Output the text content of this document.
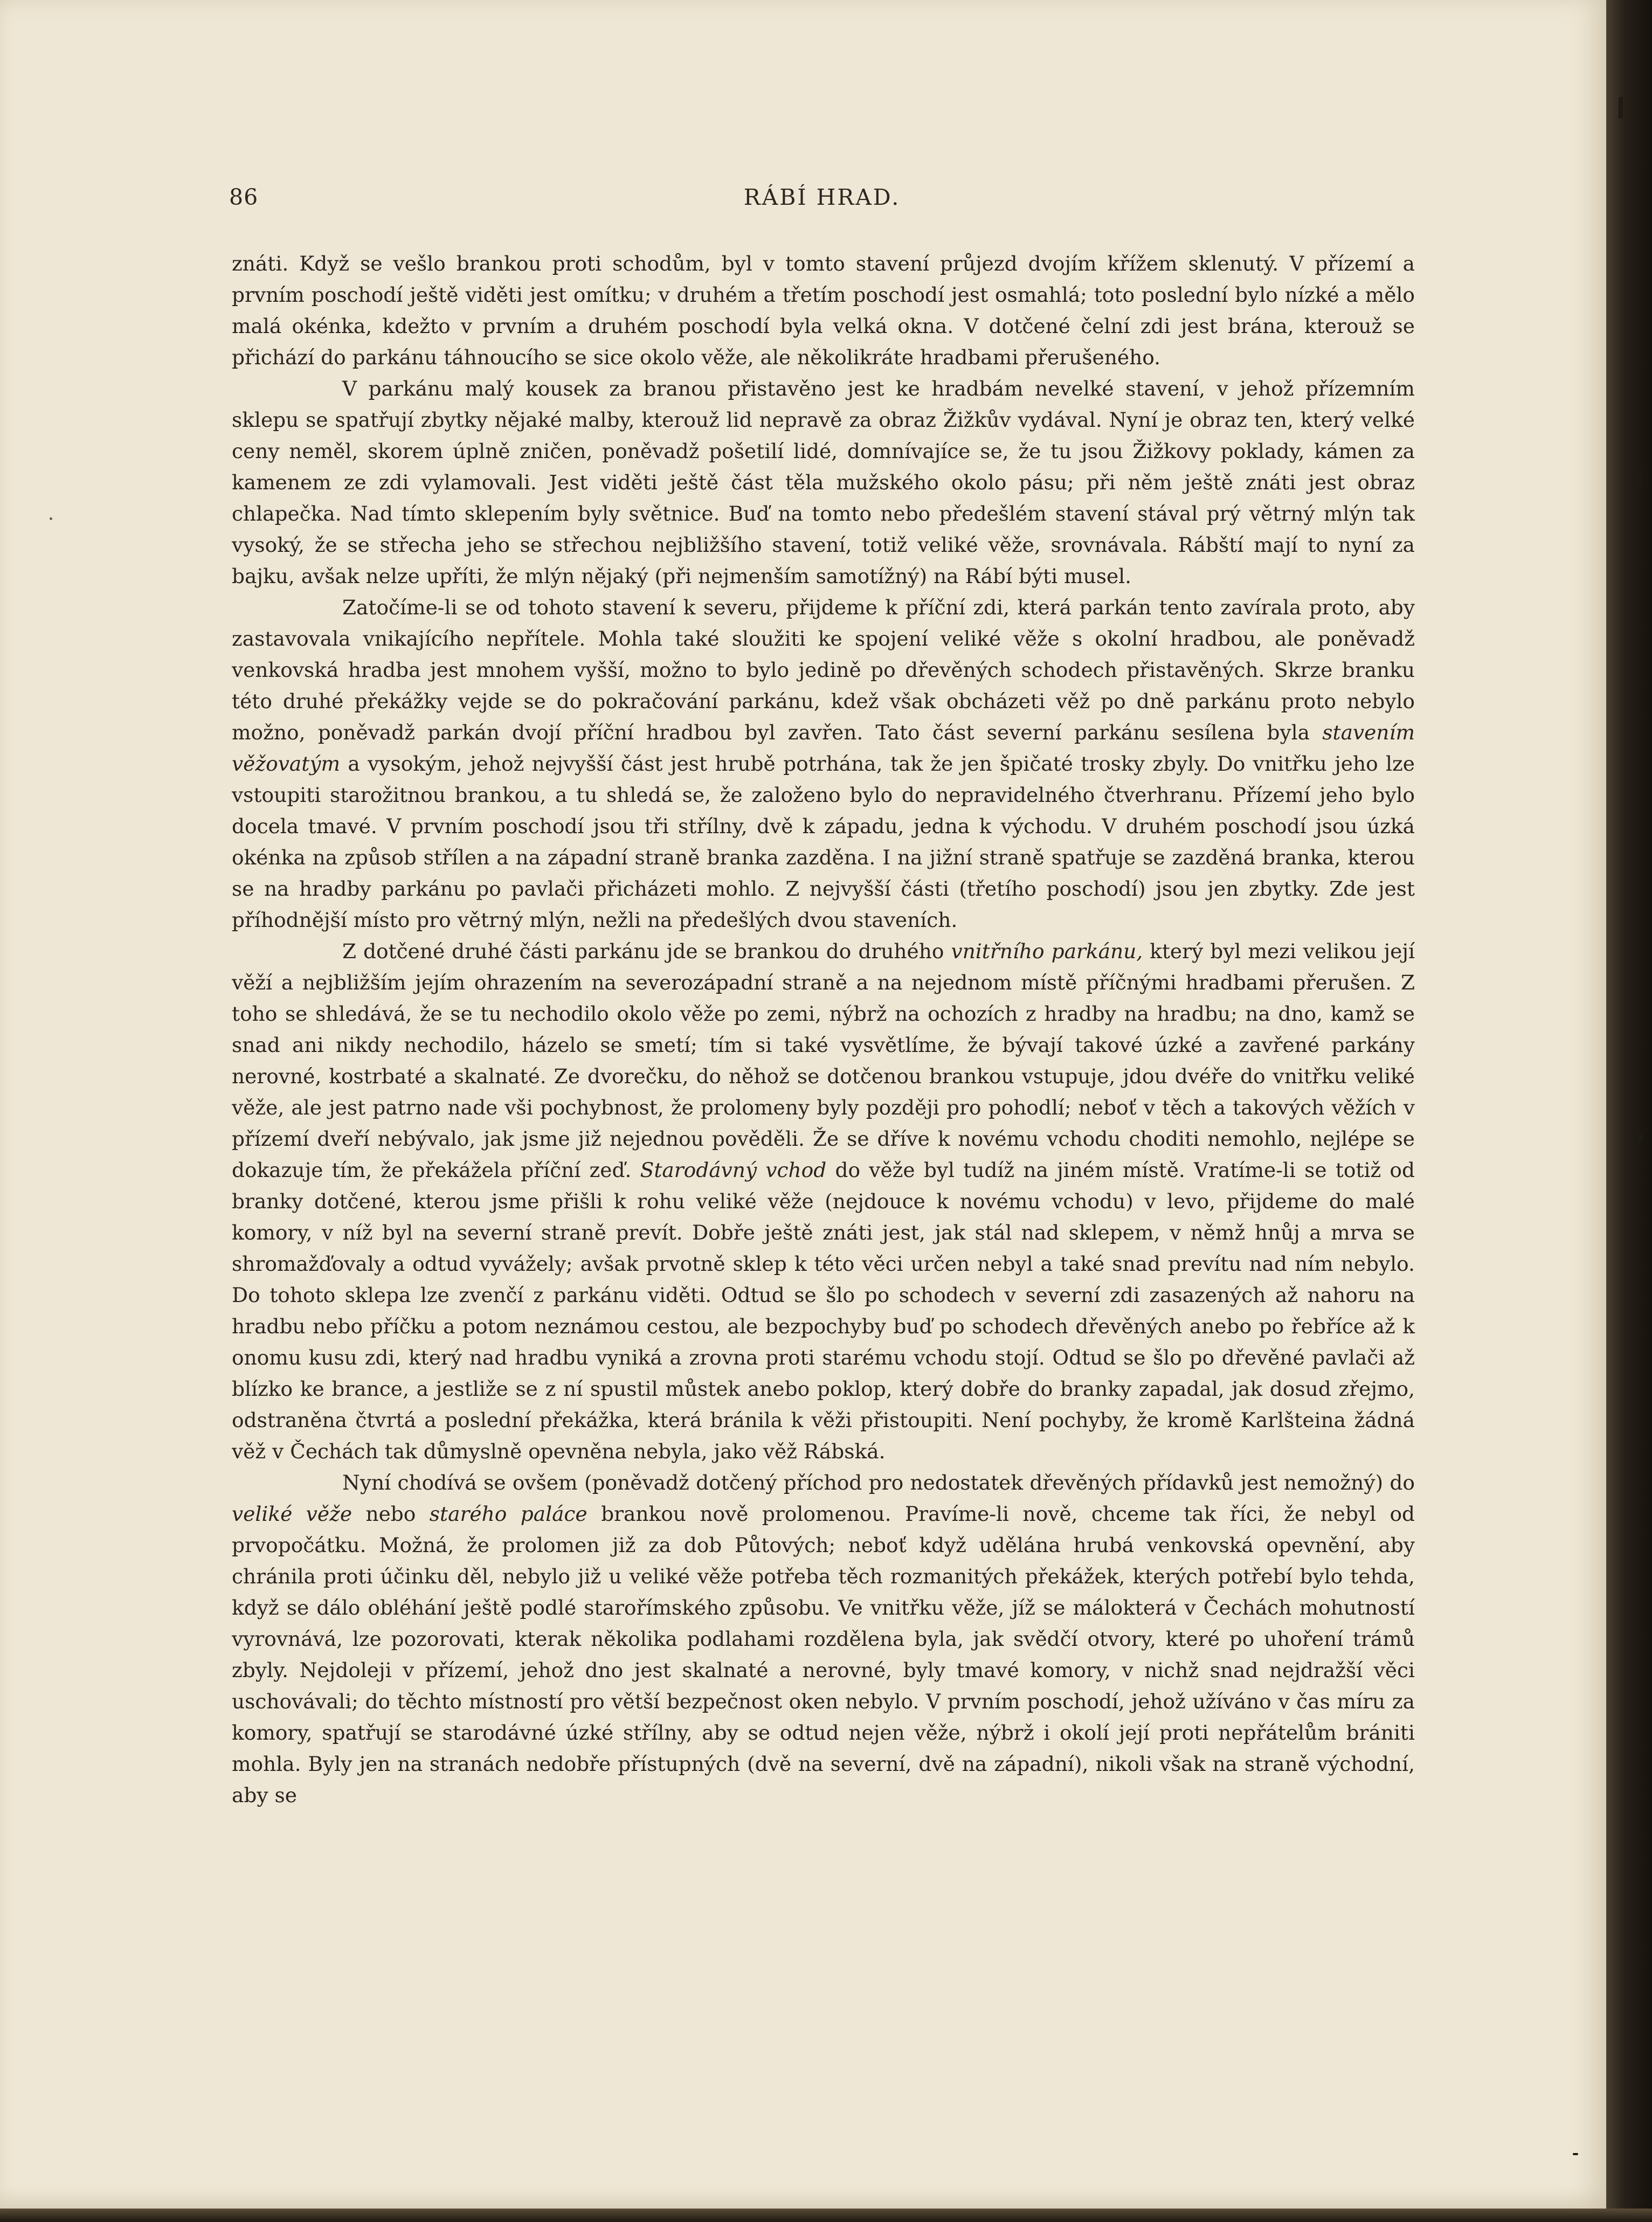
86	RÁBÍ HRAD.

znáti. Když se vešlo brankou proti schodům, byl v tomto stavení průjezd dvojím křížem sklenutý. V přízemí a prvním poschodí ještě viděti jest omítku; v druhém a třetím poschodí jest osmahlá; toto poslední bylo nízké a mělo malá okénka, kdežto v prvním a druhém poschodí byla velká okna. V dotčené čelní zdi jest brána, kterouž se přichází do parkánu táhnoucího se sice okolo věže, ale několikráte hradbami přerušeného.

V parkánu malý kousek za branou přistavěno jest ke hradbám nevelké stavení, v jehož přízemním sklepu se spatřují zbytky nějaké malby, kterouž lid nepravě za obraz Žižkův vydával. Nyní je obraz ten, který velké ceny neměl, skorem úplně zničen, poněvadž pošetilí lidé, domnívajíce se, že tu jsou Žižkovy poklady, kámen za kamenem ze zdi vylamovali. Jest viděti ještě část těla mužského okolo pásu; při něm ještě znáti jest obraz chlapečka. Nad tímto sklepením byly světnice. Buď na tomto nebo předešlém stavení stával prý větrný mlýn tak vysoký, že se střecha jeho se střechou nejbližšího stavení, totiž veliké věže, srovnávala. Rábští mají to nyní za bajku, avšak nelze upříti, že mlýn nějaký (při nejmenším samotížný) na Rábí býti musel.

Zatočíme-li se od tohoto stavení k severu, přijdeme k příční zdi, která parkán tento zavírala proto, aby zastavovala vnikajícího nepřítele. Mohla také sloužiti ke spojení veliké věže s okolní hradbou, ale poněvadž venkovská hradba jest mnohem vyšší, možno to bylo jedině po dřevěných schodech přistavěných. Skrze branku této druhé překážky vejde se do pokračování parkánu, kdež však obcházeti věž po dně parkánu proto nebylo možno, poněvadž parkán dvojí příční hradbou byl zavřen. Tato část severní parkánu sesílena byla stavením věžovatým a vysokým, jehož nejvyšší část jest hrubě potrhána, tak že jen špičaté trosky zbyly. Do vnitřku jeho lze vstoupiti starožitnou brankou, a tu shledá se, že založeno bylo do nepravidelného čtverhranu. Přízemí jeho bylo docela tmavé. V prvním poschodí jsou tři střílny, dvě k západu, jedna k východu. V druhém poschodí jsou úzká okénka na způsob střílen a na západní straně branka zazděna. I na jižní straně spatřuje se zazděná branka, kterou se na hradby parkánu po pavlači přicházeti mohlo. Z nejvyšší části (třetího poschodí) jsou jen zbytky. Zde jest příhodnější místo pro větrný mlýn, nežli na předešlých dvou staveních.

Z dotčené druhé části parkánu jde se brankou do druhého vnitřního parkánu, který byl mezi velikou její věží a nejbližším jejím ohrazením na severozápadní straně a na nejednom místě příčnými hradbami přerušen. Z toho se shledává, že se tu nechodilo okolo věže po zemi, nýbrž na ochozích z hradby na hradbu; na dno, kamž se snad ani nikdy nechodilo, házelo se smetí; tím si také vysvětlíme, že bývají takové úzké a zavřené parkány nerovné, kostrbaté a skalnaté. Ze dvorečku, do něhož se dotčenou brankou vstupuje, jdou dvéře do vnitřku veliké věže, ale jest patrno nade vši pochybnost, že prolomeny byly později pro pohodlí; neboť v těch a takových věžích v přízemí dveří nebývalo, jak jsme již nejednou pověděli. Že se dříve k novému vchodu choditi nemohlo, nejlépe se dokazuje tím, že překážela příční zeď. Starodávný vchod do věže byl tudíž na jiném místě. Vratíme-li se totiž od branky dotčené, kterou jsme přišli k rohu veliké věže (nejdouce k novému vchodu) v levo, přijdeme do malé komory, v níž byl na severní straně prevít. Dobře ještě znáti jest, jak stál nad sklepem, v němž hnůj a mrva se shromažďovaly a odtud vyvážely; avšak prvotně sklep k této věci určen nebyl a také snad prevítu nad ním nebylo. Do tohoto sklepa lze zvenčí z parkánu viděti. Odtud se šlo po schodech v severní zdi zasazených až nahoru na hradbu nebo příčku a potom neznámou cestou, ale bezpochyby buď po schodech dřevěných anebo po řebříce až k onomu kusu zdi, který nad hradbu vyniká a zrovna proti starému vchodu stojí. Odtud se šlo po dřevěné pavlači až blízko ke brance, a jestliže se z ní spustil můstek anebo poklop, který dobře do branky zapadal, jak dosud zřejmo, odstraněna čtvrtá a poslední překážka, která bránila k věži přistoupiti. Není pochyby, že kromě Karlšteina žádná věž v Čechách tak důmyslně opevněna nebyla, jako věž Rábská.

Nyní chodívá se ovšem (poněvadž dotčený příchod pro nedostatek dřevěných přídavků jest nemožný) do veliké věže nebo starého paláce brankou nově prolomenou. Pravíme-li nově, chceme tak říci, že nebyl od prvopočátku. Možná, že prolomen již za dob Půtových; neboť když udělána hrubá venkovská opevnění, aby chránila proti účinku děl, nebylo již u veliké věže potřeba těch rozmanitých překážek, kterých potřebí bylo tehda, když se dálo obléhání ještě podlé starořímského způsobu. Ve vnitřku věže, jíž se málokterá v Čechách mohutností vyrovnává, lze pozorovati, kterak několika podlahami rozdělena byla, jak svědčí otvory, které po uhoření trámů zbyly. Nejdoleji v přízemí, jehož dno jest skalnaté a nerovné, byly tmavé komory, v nichž snad nejdražší věci uschovávali; do těchto místností pro větší bezpečnost oken nebylo. V prvním poschodí, jehož užíváno v čas míru za komory, spatřují se starodávné úzké střílny, aby se odtud nejen věže, nýbrž i okolí její proti nepřátelům brániti mohla. Byly jen na stranách nedobře přístupných (dvě na severní, dvě na západní), nikoli však na straně východní, aby se
